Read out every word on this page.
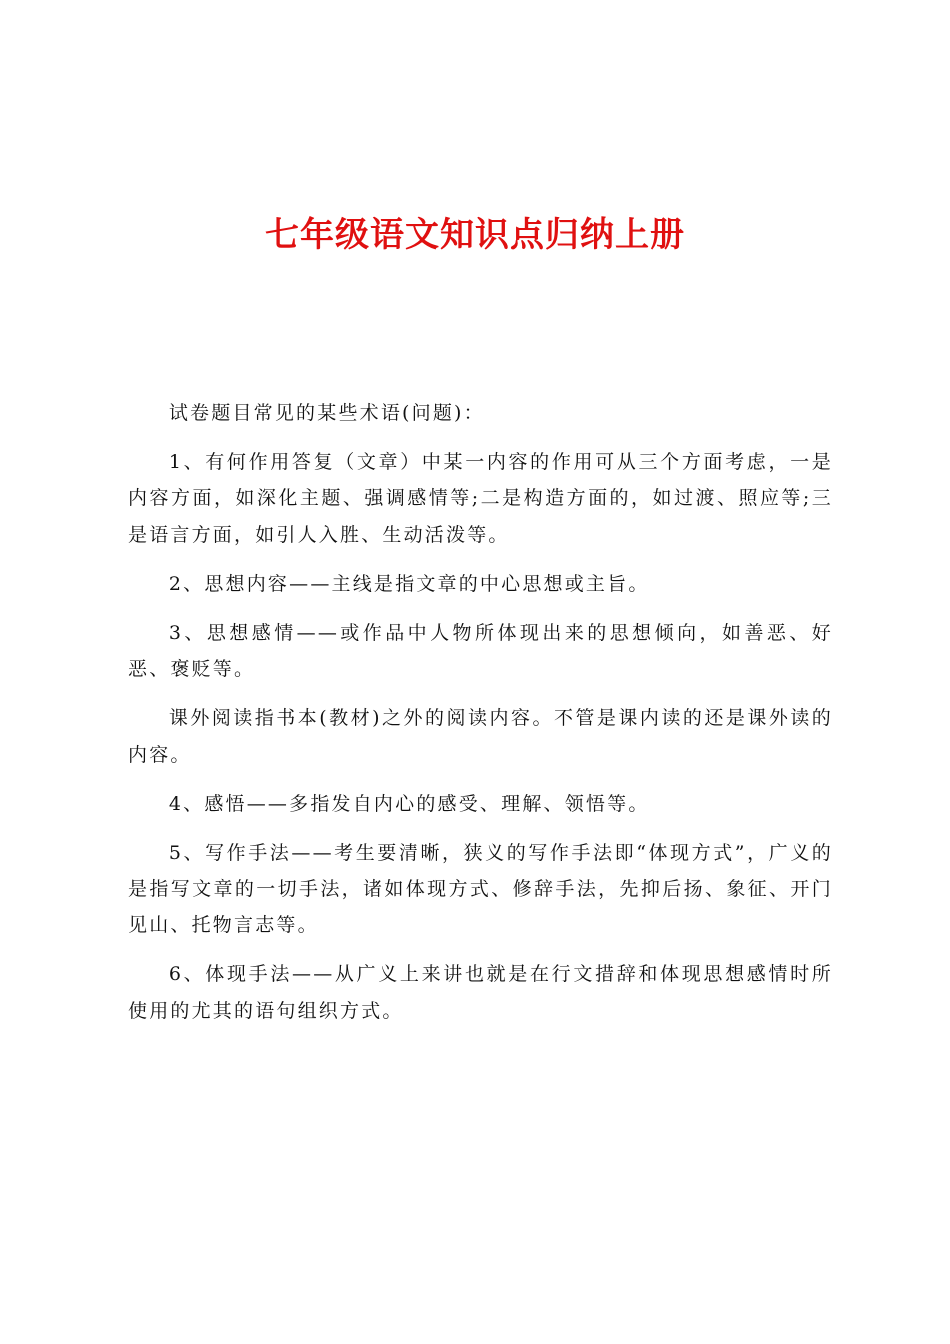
七年级语文知识点归纳上册

试卷题目常见的某些术语(问题)：

1、有何作用答复（文章）中某一内容的作用可从三个方面考虑，一是内容方面，如深化主题、强调感情等;二是构造方面的，如过渡、照应等;三是语言方面，如引人入胜、生动活泼等。

2、思想内容——主线是指文章的中心思想或主旨。

3、思想感情——或作品中人物所体现出来的思想倾向，如善恶、好恶、褒贬等。

课外阅读指书本(教材)之外的阅读内容。不管是课内读的还是课外读的内容。

4、感悟——多指发自内心的感受、理解、领悟等。

5、写作手法——考生要清晰，狭义的写作手法即“体现方式”，广义的是指写文章的一切手法，诸如体现方式、修辞手法，先抑后扬、象征、开门见山、托物言志等。

6、体现手法——从广义上来讲也就是在行文措辞和体现思想感情时所使用的尤其的语句组织方式。
